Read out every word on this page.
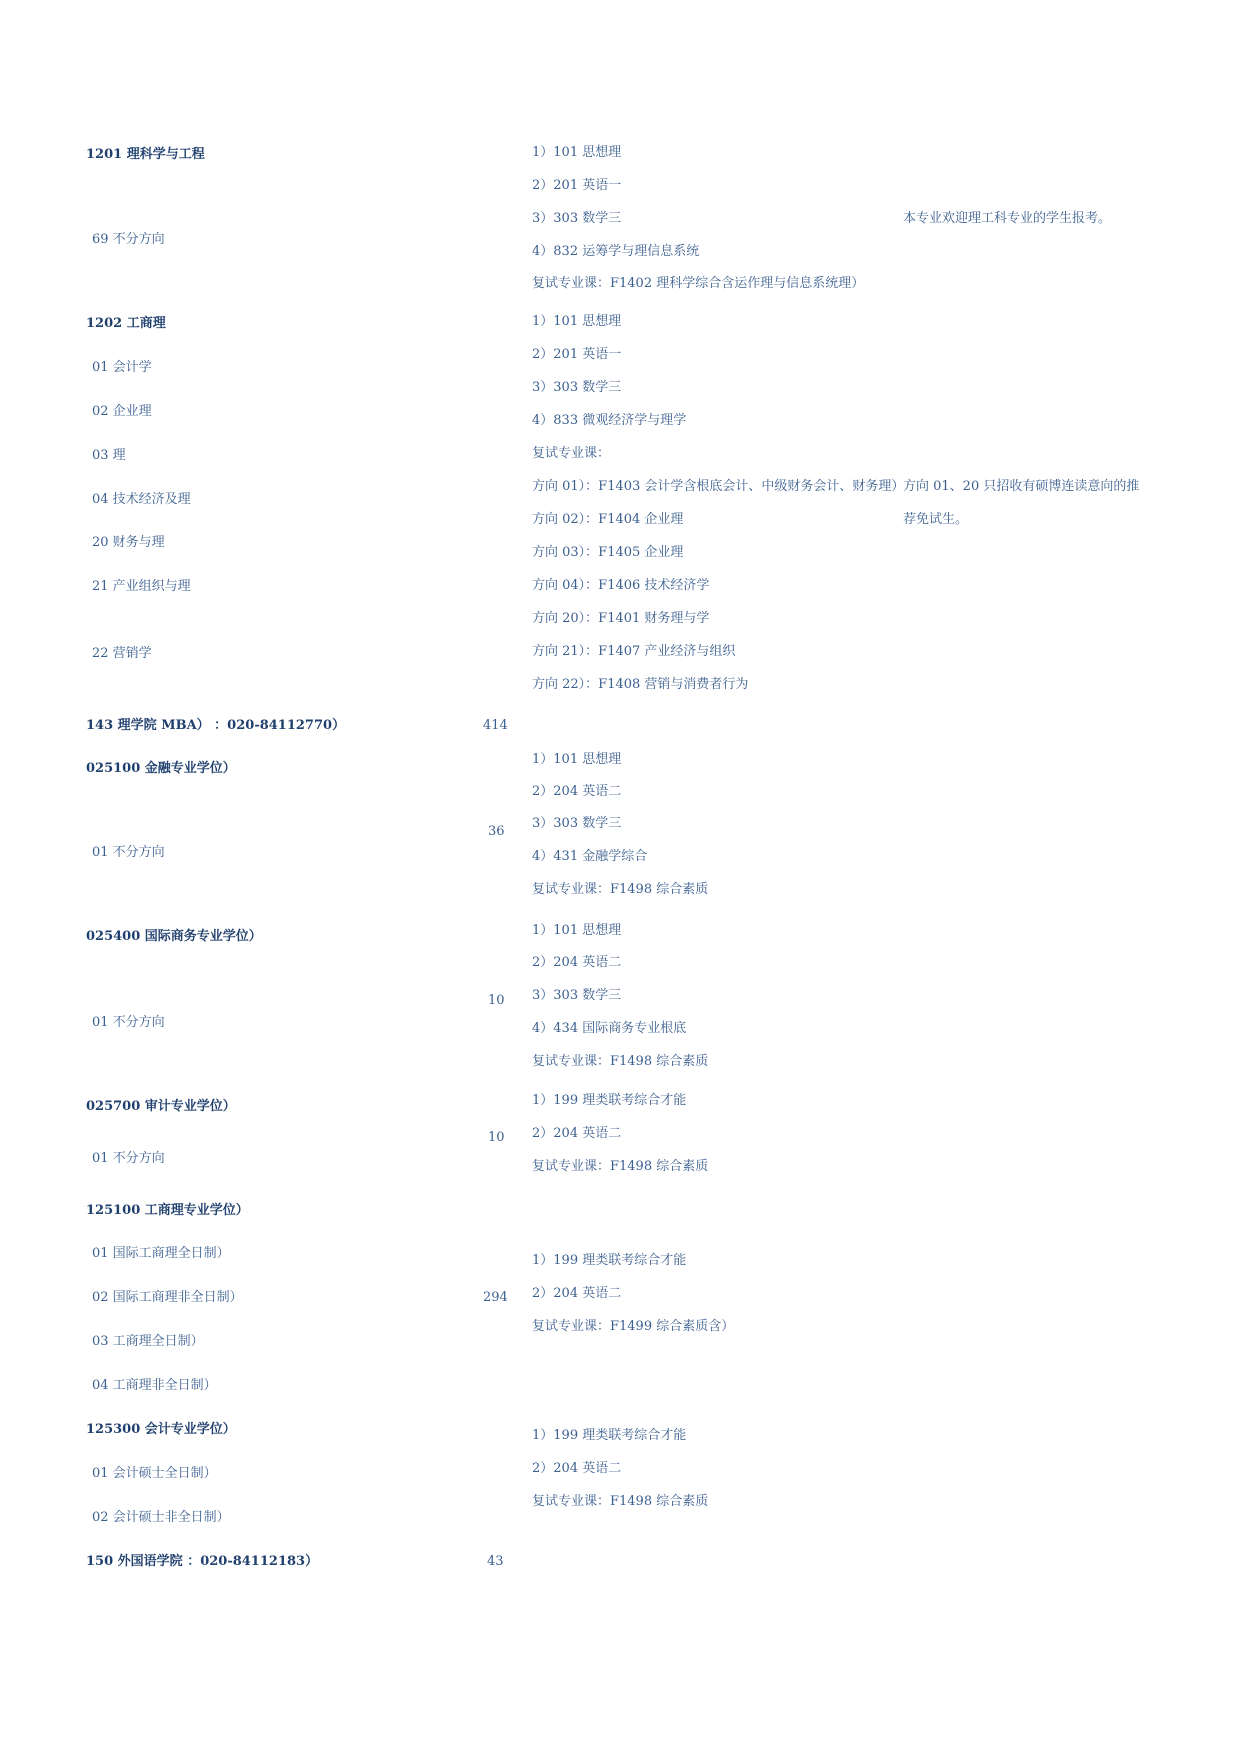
1201 理科学与工程
69 不分方向
1202 工商理
01 会计学
02 企业理
03 理
04 技术经济及理
20 财务与理
21 产业组织与理
22 营销学
143 理学院 MBA） ：020-84112770）
025100 金融专业学位）
01 不分方向
025400 国际商务专业学位）
01 不分方向
025700 审计专业学位）
01 不分方向
125100 工商理专业学位）
01 国际工商理全日制）
02 国际工商理非全日制）
03 工商理全日制）
04 工商理非全日制）
125300 会计专业学位）
01 会计硕士全日制）
02 会计硕士非全日制）
150 外国语学院 ：020-84112183）
414
36
10
10
294
43
1）101 思想理
2）201 英语一
3）303 数学三
4）832 运筹学与理信息系统
复试专业课：F1402 理科学综合含运作理与信息系统理）
1）101 思想理
2）201 英语一
3）303 数学三
4）833 微观经济学与理学
复试专业课：
方向 01）：F1403 会计学含根底会计、中级财务会计、财务理）
方向 02）：F1404 企业理
方向 03）：F1405 企业理
方向 04）：F1406 技术经济学
方向 20）：F1401 财务理与学
方向 21）：F1407 产业经济与组织
方向 22）：F1408 营销与消费者行为
1）101 思想理
2）204 英语二
3）303 数学三
4）431 金融学综合
复试专业课：F1498 综合素质
1）101 思想理
2）204 英语二
3）303 数学三
4）434 国际商务专业根底
复试专业课：F1498 综合素质
1）199 理类联考综合才能
2）204 英语二
复试专业课：F1498 综合素质
1）199 理类联考综合才能
2）204 英语二
复试专业课：F1499 综合素质含）
1）199 理类联考综合才能
2）204 英语二
复试专业课：F1498 综合素质
本专业欢迎理工科专业的学生报考。
方向 01、20 只招收有硕博连读意向的推
荐免试生。
